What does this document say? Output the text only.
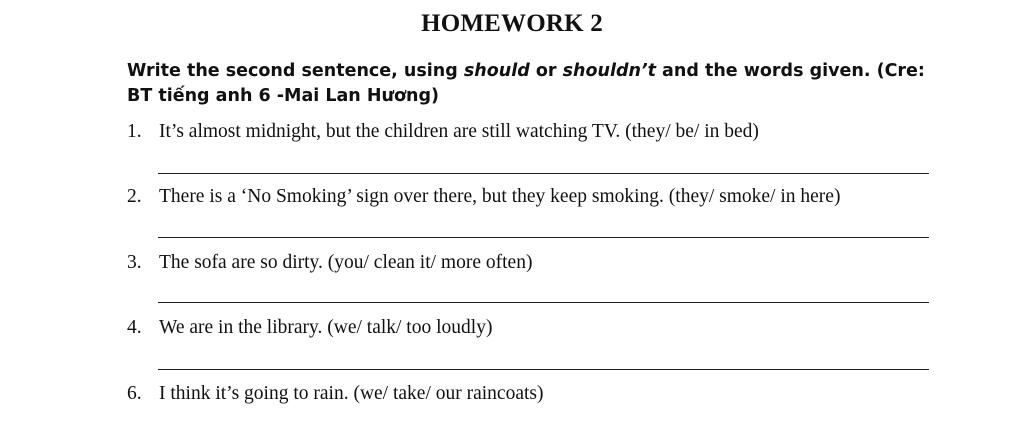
HOMEWORK 2
Write the second sentence, using should or shouldn’t and the words given. (Cre: BT tiếng anh 6 -Mai Lan Hương)
1. It’s almost midnight, but the children are still watching TV. (they/ be/ in bed)
2. There is a ‘No Smoking’ sign over there, but they keep smoking. (they/ smoke/ in here)
3. The sofa are so dirty. (you/ clean it/ more often)
4. We are in the library. (we/ talk/ too loudly)
6. I think it’s going to rain. (we/ take/ our raincoats)
